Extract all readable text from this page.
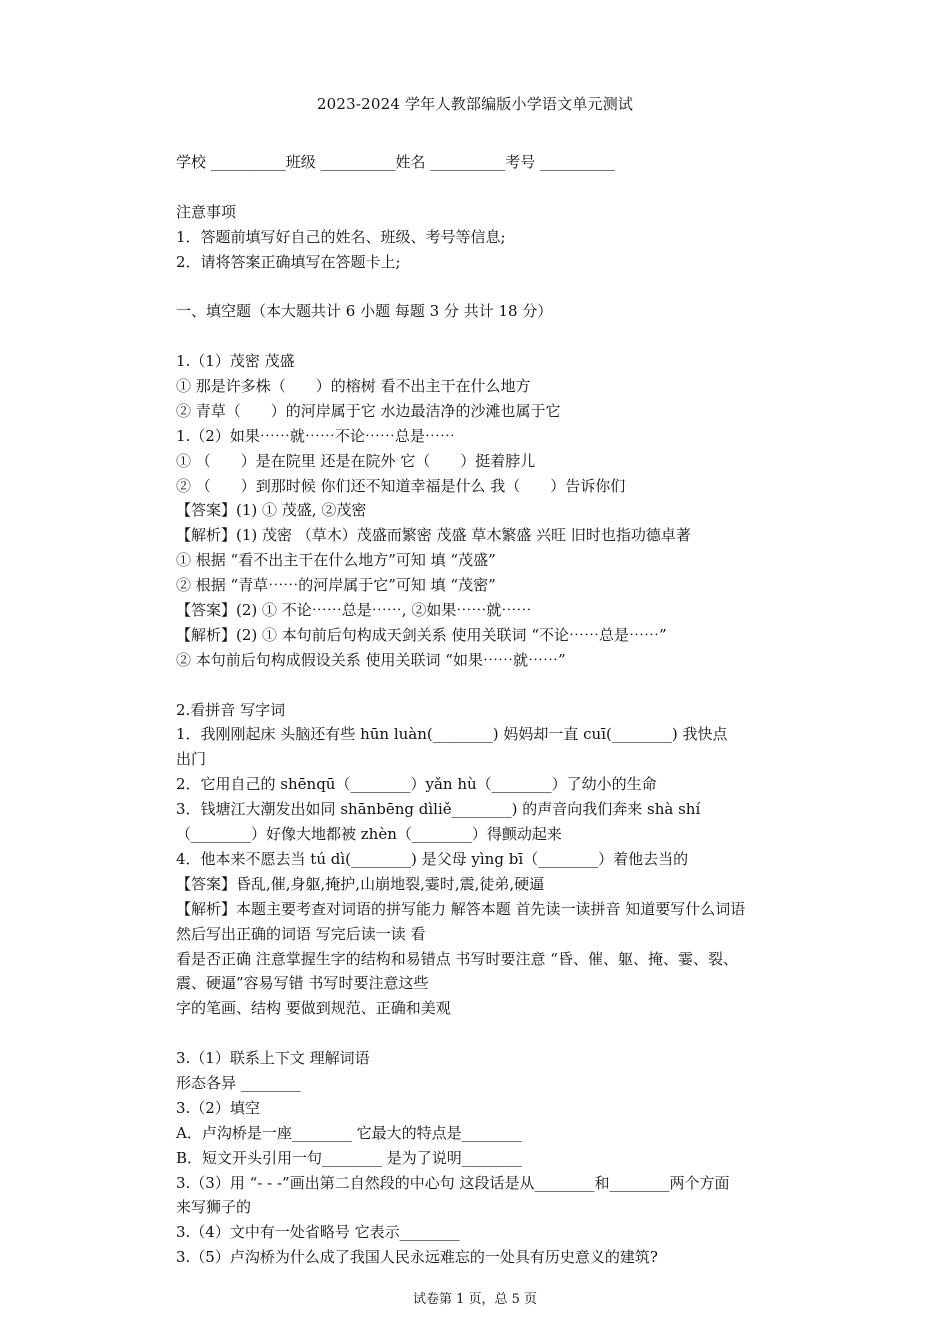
2023-2024 学年人教部编版小学语文单元测试
学校 __________班级 __________姓名 __________考号 __________
注意事项
1．答题前填写好自己的姓名、班级、考号等信息;
2．请将答案正确填写在答题卡上;
一、填空题（本大题共计 6 小题 每题 3 分 共计 18 分）
1.（1）茂密 茂盛
① 那是许多株（　　）的榕树 看不出主干在什么地方
② 青草（　　）的河岸属于它 水边最洁净的沙滩也属于它
1.（2）如果⋯⋯就⋯⋯不论⋯⋯总是⋯⋯
① （　　）是在院里 还是在院外 它（　　）挺着脖儿
② （　　）到那时候 你们还不知道幸福是什么 我（　　）告诉你们
【答案】(1) ① 茂盛, ②茂密
【解析】(1) 茂密 （草木）茂盛而繁密 茂盛 草木繁盛 兴旺 旧时也指功德卓著
① 根据 “看不出主干在什么地方”可知 填 “茂盛”
② 根据 “青草⋯⋯的河岸属于它”可知 填 “茂密”
【答案】(2) ① 不论⋯⋯总是⋯⋯, ②如果⋯⋯就⋯⋯
【解析】(2) ① 本句前后句构成天剑关系 使用关联词 “不论⋯⋯总是⋯⋯”
② 本句前后句构成假设关系 使用关联词 “如果⋯⋯就⋯⋯”
2.看拼音 写字词
1．我刚刚起床 头脑还有些 hūn luàn(________) 妈妈却一直 cuī(________) 我快点
出门
2．它用自己的 shēnqū（________）yǎn hù（________）了幼小的生命
3．钱塘江大潮发出如同 shānbēng dìliě________) 的声音向我们奔来 shà shí
（________）好像大地都被 zhèn（________）得颤动起来
4．他本来不愿去当 tú dì(________) 是父母 yìng bī（________）着他去当的
【答案】昏乱,催,身躯,掩护,山崩地裂,霎时,震,徒弟,硬逼
【解析】本题主要考查对词语的拼写能力 解答本题 首先读一读拼音 知道要写什么词语
然后写出正确的词语 写完后读一读 看
看是否正确 注意掌握生字的结构和易错点 书写时要注意 “昏、催、躯、掩、霎、裂、
震、硬逼”容易写错 书写时要注意这些
字的笔画、结构 要做到规范、正确和美观
3.（1）联系上下文 理解词语
形态各异 ________
3.（2）填空
A．卢沟桥是一座________ 它最大的特点是________
B．短文开头引用一句________ 是为了说明________
3.（3）用 “- - -”画出第二自然段的中心句 这段话是从________和________两个方面
来写狮子的
3.（4）文中有一处省略号 它表示________
3.（5）卢沟桥为什么成了我国人民永远难忘的一处具有历史意义的建筑?
试卷第 1 页，总 5 页
